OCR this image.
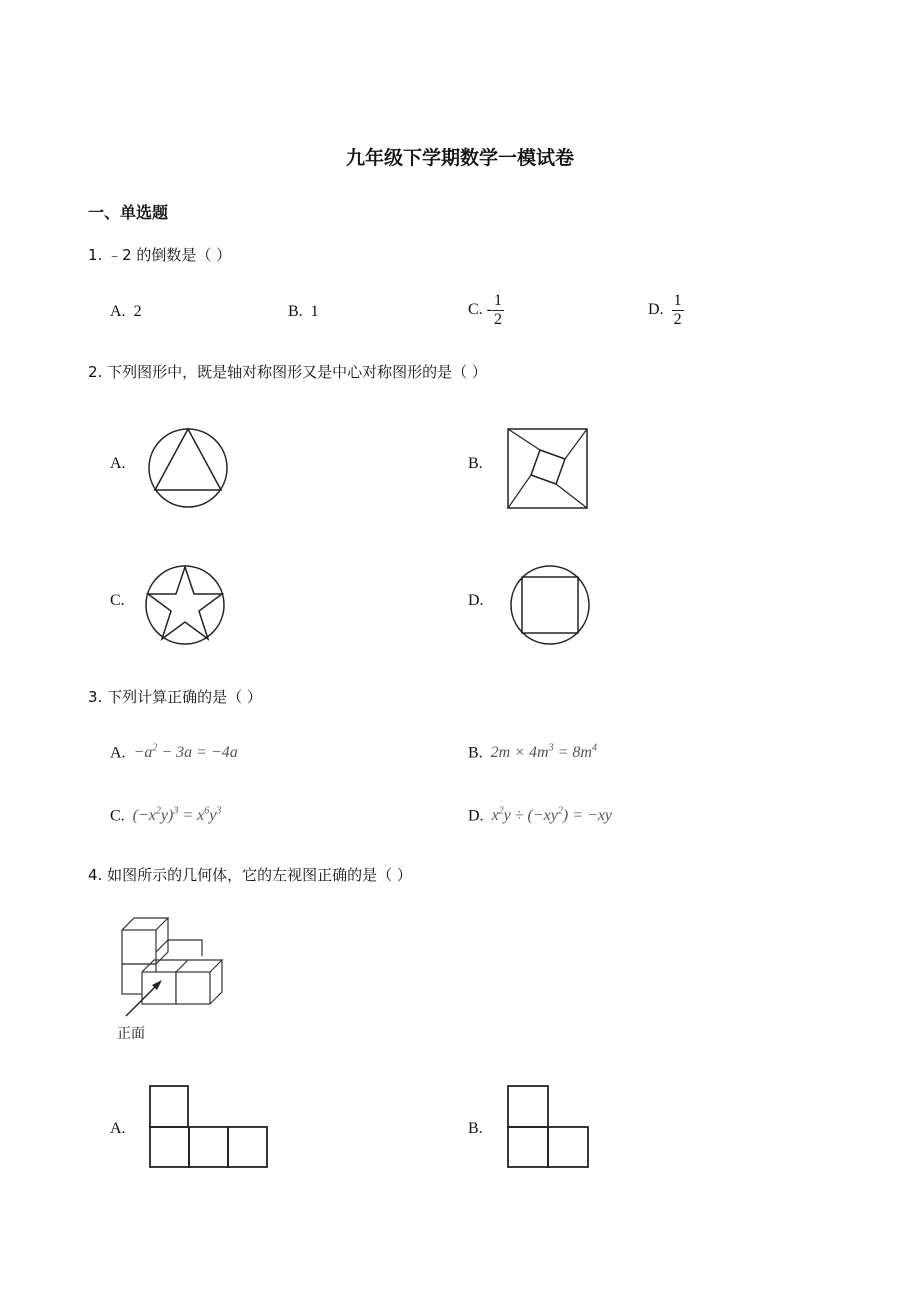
九年级下学期数学一模试卷
一、单选题
1. ﹣2 的倒数是（ ）
A. 2	B. 1	C. - $\frac{1}{2}$	D. $\frac{1}{2}$
2. 下列图形中，既是轴对称图形又是中心对称图形的是（ ）
A.	B.
C.	D.
3. 下列计算正确的是（ ）
A. $-a^2 - 3a = -4a$	B. $2m \times 4m^3 = 8m^4$
C. $(-x^2y)^3 = x^6y^3$	D. $x^2y \div (-xy^2) = -xy$
4. 如图所示的几何体，它的左视图正确的是（ ）
正面
A.	B.
